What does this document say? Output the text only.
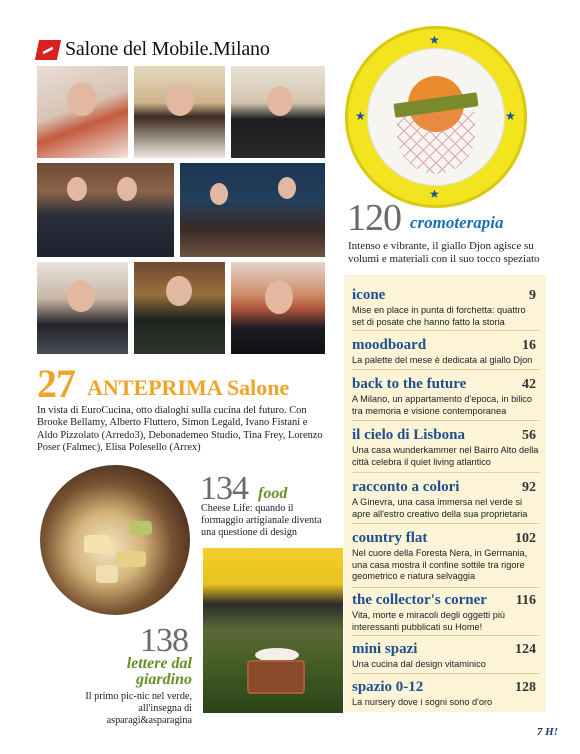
Salone del Mobile.Milano	★
★	★
★
120 cromoterapia
Intenso e vibrante, il giallo Djon agisce su volumi e materiali con il suo tocco speziato
icone	9
Mise en place in punta di forchetta: quattro set di posate che hanno fatto la storia
moodboard	16
La palette del mese è dedicata al giallo Djon
back to the future	42
A Milano, un appartamento d'epoca, in bilico tra memoria e visione contemporanea
il cielo di Lisbona	56
Una casa wunderkammer nel Bairro Alto della città celebra il quiet living atlantico
racconto a colori	92
A Ginevra, una casa immersa nel verde si apre all'estro creativo della sua proprietaria
country flat	102
Nel cuore della Foresta Nera, in Germania, una casa mostra il confine sottile tra rigore geometrico e natura selvaggia
the collector's corner	116
Vita, morte e miracoli degli oggetti più interessanti pubblicati su Home!
mini spazi	124
Una cucina dal design vitaminico
spazio 0-12	128
La nursery dove i sogni sono d'oro
27 ANTEPRIMA Salone
In vista di EuroCucina, otto dialoghi sulla cucina del futuro. Con Brooke Bellamy, Alberto Fluttero, Simon Legald, Ivano Fistani e Aldo Pizzolato (Arredo3), Debonademeo Studio, Tina Frey, Lorenzo Poser (Falmec), Elisa Polesello (Arrex)
134 food
Cheese Life: quando il formaggio artigianale diventa una questione di design
138
lettere dal giardino
Il primo pic-nic nel verde, all'insegna di asparagi&asparagina
7 H!
